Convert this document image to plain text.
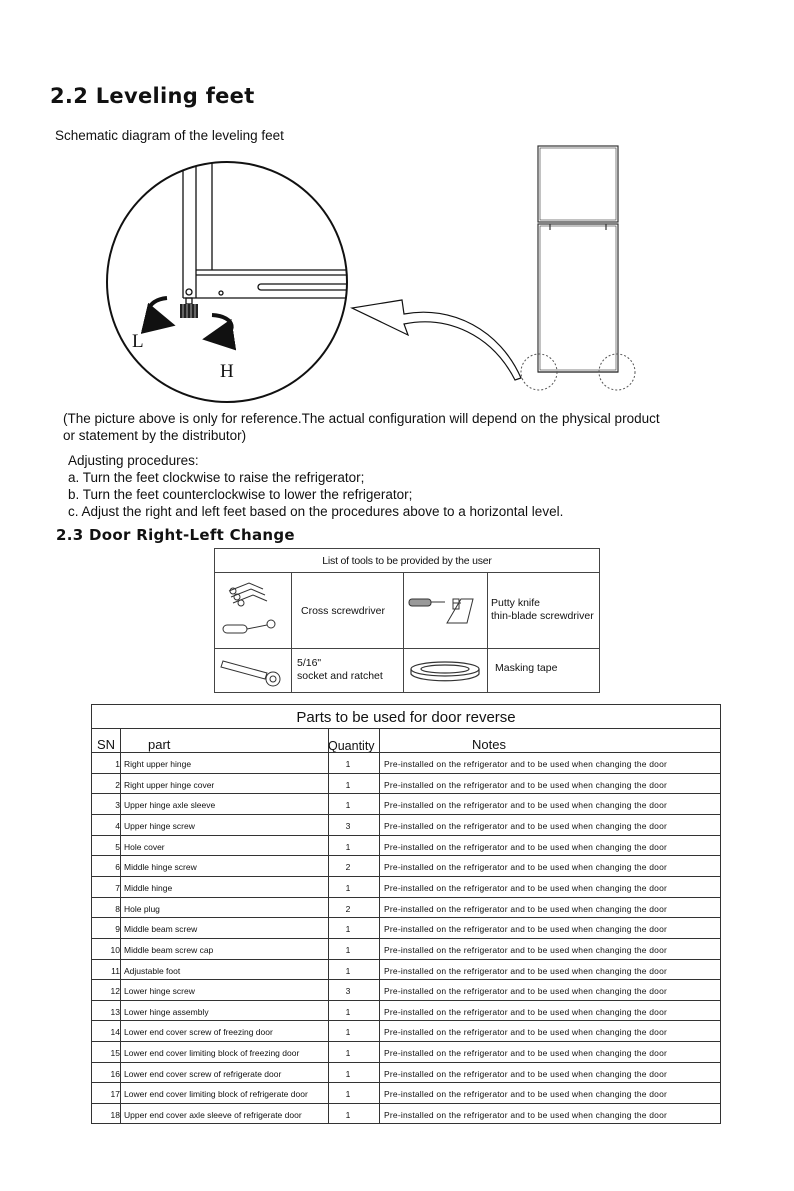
2.2 Leveling feet
Schematic diagram of the leveling feet
L
H
(The picture above is only for reference.The actual configuration will depend on the physical product
or statement by the distributor)
Adjusting procedures:
a. Turn the feet clockwise to raise the refrigerator;
b. Turn the feet counterclockwise to lower the refrigerator;
c. Adjust the right and left feet based on the procedures above to a horizontal level.
2.3 Door Right-Left Change
List of tools to be provided by the user
Cross screwdriver
Putty knife
thin-blade screwdriver
5/16"
socket and ratchet
Masking tape
Parts to be used for door reverse
SN	part	Quantity	Notes
1 Right upper hinge	1	Pre-installed on the refrigerator and to be used when changing the door
2 Right upper hinge cover	1	Pre-installed on the refrigerator and to be used when changing the door
3 Upper hinge axle sleeve	1	Pre-installed on the refrigerator and to be used when changing the door
4 Upper hinge screw	3	Pre-installed on the refrigerator and to be used when changing the door
5 Hole cover	1	Pre-installed on the refrigerator and to be used when changing the door
6 Middle hinge screw	2	Pre-installed on the refrigerator and to be used when changing the door
7 Middle hinge	1	Pre-installed on the refrigerator and to be used when changing the door
8 Hole plug	2	Pre-installed on the refrigerator and to be used when changing the door
9 Middle beam screw	1	Pre-installed on the refrigerator and to be used when changing the door
10 Middle beam screw cap	1	Pre-installed on the refrigerator and to be used when changing the door
11 Adjustable foot	1	Pre-installed on the refrigerator and to be used when changing the door
12 Lower hinge screw	3	Pre-installed on the refrigerator and to be used when changing the door
13 Lower hinge assembly	1	Pre-installed on the refrigerator and to be used when changing the door
14 Lower end cover screw of freezing door	1	Pre-installed on the refrigerator and to be used when changing the door
15 Lower end cover limiting block of freezing door	1	Pre-installed on the refrigerator and to be used when changing the door
16 Lower end cover screw of refrigerate door	1	Pre-installed on the refrigerator and to be used when changing the door
17 Lower end cover limiting block of refrigerate door	1	Pre-installed on the refrigerator and to be used when changing the door
18 Upper end cover axle sleeve of refrigerate door	1	Pre-installed on the refrigerator and to be used when changing the door
